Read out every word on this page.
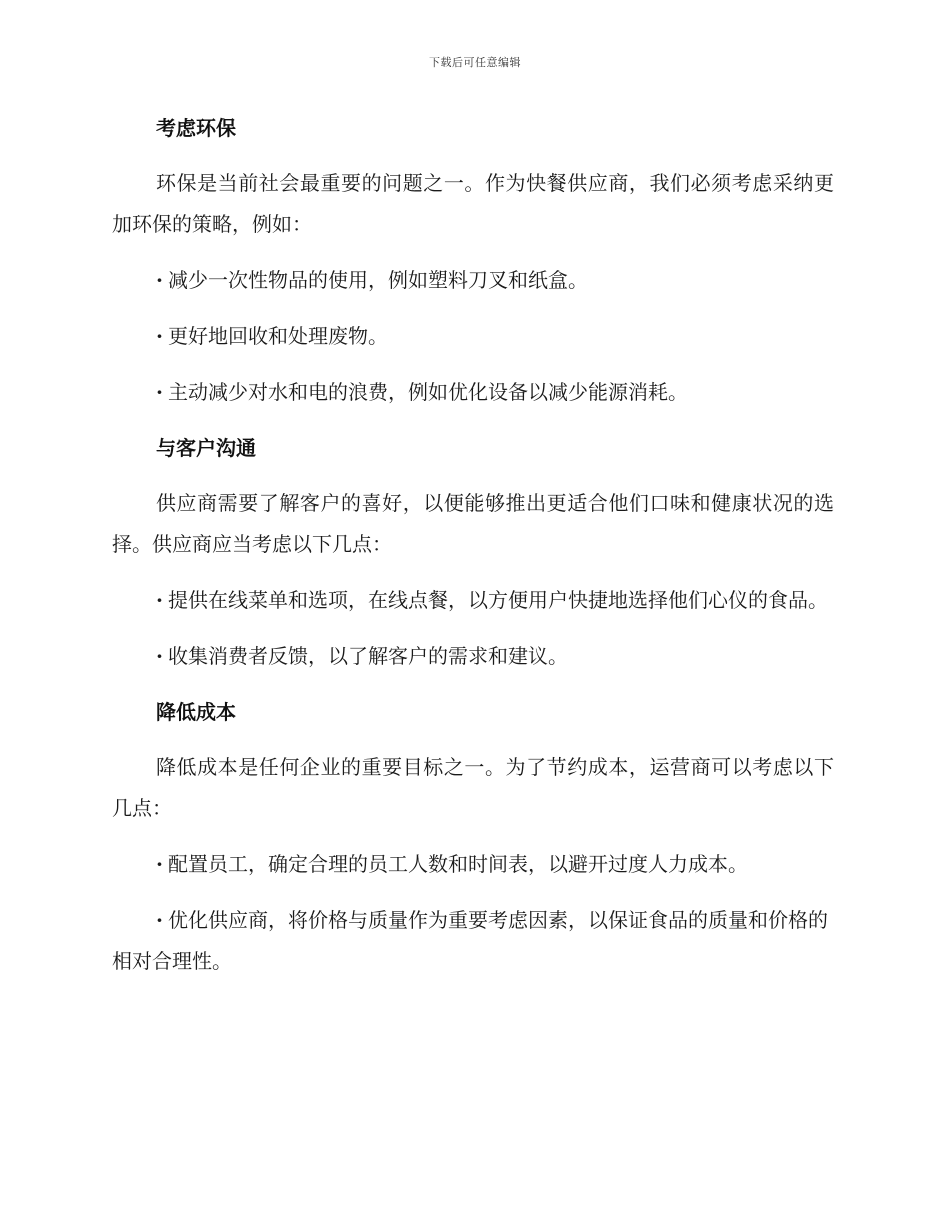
下载后可任意编辑
考虑环保

环保是当前社会最重要的问题之一。作为快餐供应商，我们必须考虑采纳更加环保的策略，例如：

· 减少一次性物品的使用，例如塑料刀叉和纸盒。

· 更好地回收和处理废物。

· 主动减少对水和电的浪费，例如优化设备以减少能源消耗。

与客户沟通

供应商需要了解客户的喜好，以便能够推出更适合他们口味和健康状况的选择。供应商应当考虑以下几点：

· 提供在线菜单和选项，在线点餐，以方便用户快捷地选择他们心仪的食品。

· 收集消费者反馈，以了解客户的需求和建议。

降低成本

降低成本是任何企业的重要目标之一。为了节约成本，运营商可以考虑以下几点：

· 配置员工，确定合理的员工人数和时间表，以避开过度人力成本。

· 优化供应商，将价格与质量作为重要考虑因素，以保证食品的质量和价格的相对合理性。
